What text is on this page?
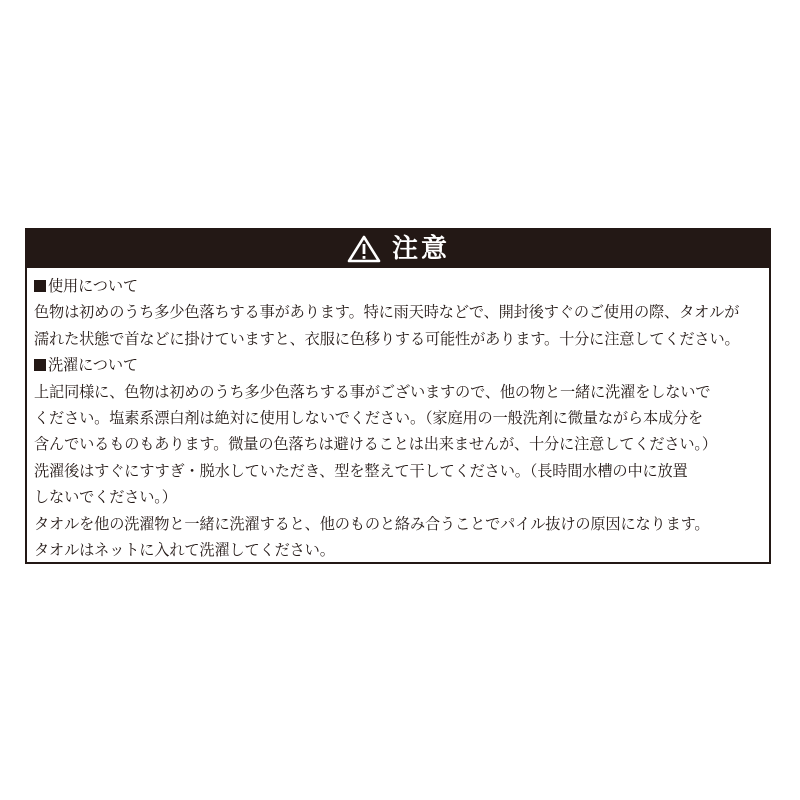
注意
使用について
色物は初めのうち多少色落ちする事があります。特に雨天時などで、開封後すぐのご使用の際、タオルが
濡れた状態で首などに掛けていますと、衣服に色移りする可能性があります。十分に注意してください。
洗濯について
上記同様に、色物は初めのうち多少色落ちする事がございますので、他の物と一緒に洗濯をしないで
ください。塩素系漂白剤は絶対に使用しないでください。（家庭用の一般洗剤に微量ながら本成分を
含んでいるものもあります。微量の色落ちは避けることは出来ませんが、十分に注意してください。）
洗濯後はすぐにすすぎ・脱水していただき、型を整えて干してください。（長時間水槽の中に放置
しないでください。）
タオルを他の洗濯物と一緒に洗濯すると、他のものと絡み合うことでパイル抜けの原因になります。
タオルはネットに入れて洗濯してください。
